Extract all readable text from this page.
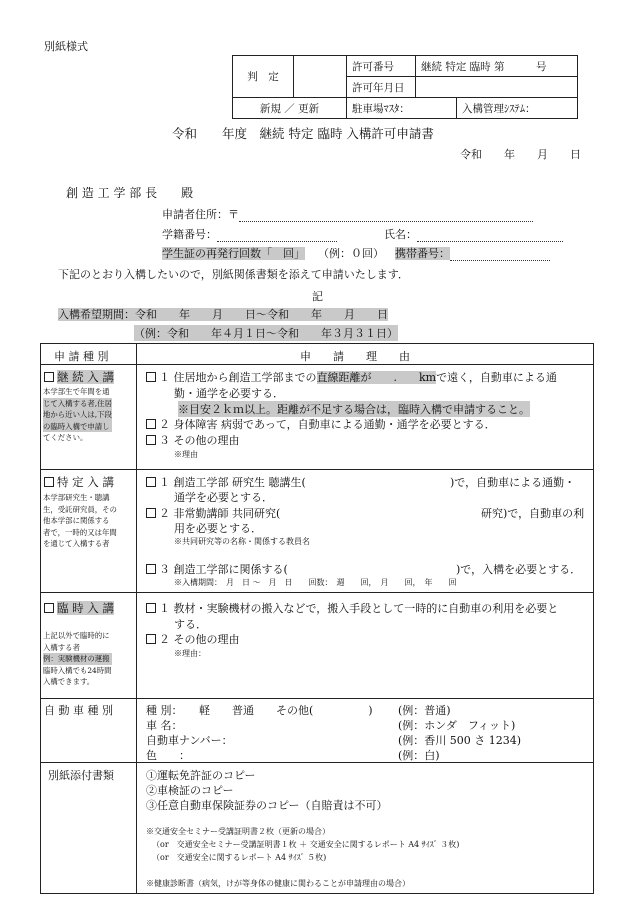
別紙様式
判　定		許可番号	継続 特定 臨時 第　　　号	
		許可年月日		
新規 ／ 更新		駐車場ﾏｽﾀ：		入構管理ｼｽﾃﾑ：
令和　　年度　継続 特定 臨時 入構許可申請書
令和　　年　　月　　日
創 造 工 学 部 長　　殿
申請者住所：〒
学籍番号：	氏名：
学生証の再発行回数「　回」 （例：０回） 携帯番号：
下記のとおり入構したいので，別紙関係書類を添えて申請いたします．
記
入構希望期間：令和　　年　　月　　日～令和　　年　　月　　日
（例：令和　　年４月１日～令和　　年３月３１日）
申 請 種 別	申　　請　　理　　由
継 続 入 講
本学部生で年間を通
じて入構する者,住居
地から近い人は,下段
の臨時入構で申請し
てください。
１ 住居地から創造工学部までの直線距離が　　.　　kmで遠く，自動車による通
勤・通学を必要する．
※目安２ｋｍ以上。距離が不足する場合は，臨時入構で申請すること。
２ 身体障害 病弱であって，自動車による通勤・通学を必要とする．
３ その他の理由
※理由
特 定 入 講
本学部研究生・聴講
生，受託研究員，その
他本学部に関係する
者で，一時的又は年間
を通じて入構する者
１ 創造工学部 研究生 聴講生(	)で，自動車による通勤・
通学を必要とする．
２ 非常勤講師 共同研究(	研究)で，自動車の利
用を必要とする．
※共同研究等の名称・関係する教員名
３ 創造工学部に関係する(	)で，入構を必要とする．
※入構期間：　月　日 ～　月　日　　回数：　週　　回，　月　　回，　年　　回
臨 時 入 講
上記以外で臨時的に
入構する者
例：実験機材の運搬
臨時入構でも24時間
入構できます。
１ 教材・実験機材の搬入などで，搬入手段として一時的に自動車の利用を必要と
する．
２ その他の理由
※理由：
自 動 車 種 別	種 別：　　軽　　普通　　その他(　　　　　) (例：普通)
車 名：	(例：ホンダ　フィット)
自動車ナンバー：	(例：香川 500 さ 1234)
色　　：	(例：白)
別紙添付書類	①運転免許証のコピー
②車検証のコピー
③任意自動車保険証券のコピー（自賠責は不可）
※交通安全セミナー受講証明書２枚（更新の場合）
（or　交通安全セミナー受講証明書１枚 ＋ 交通安全に関するレポート A4 ｻｲｽﾞ ３枚)
（or　交通安全に関するレポート A4 ｻｲｽﾞ ５枚)
※健康診断書（病気，けが等身体の健康に関わることが申請理由の場合）
